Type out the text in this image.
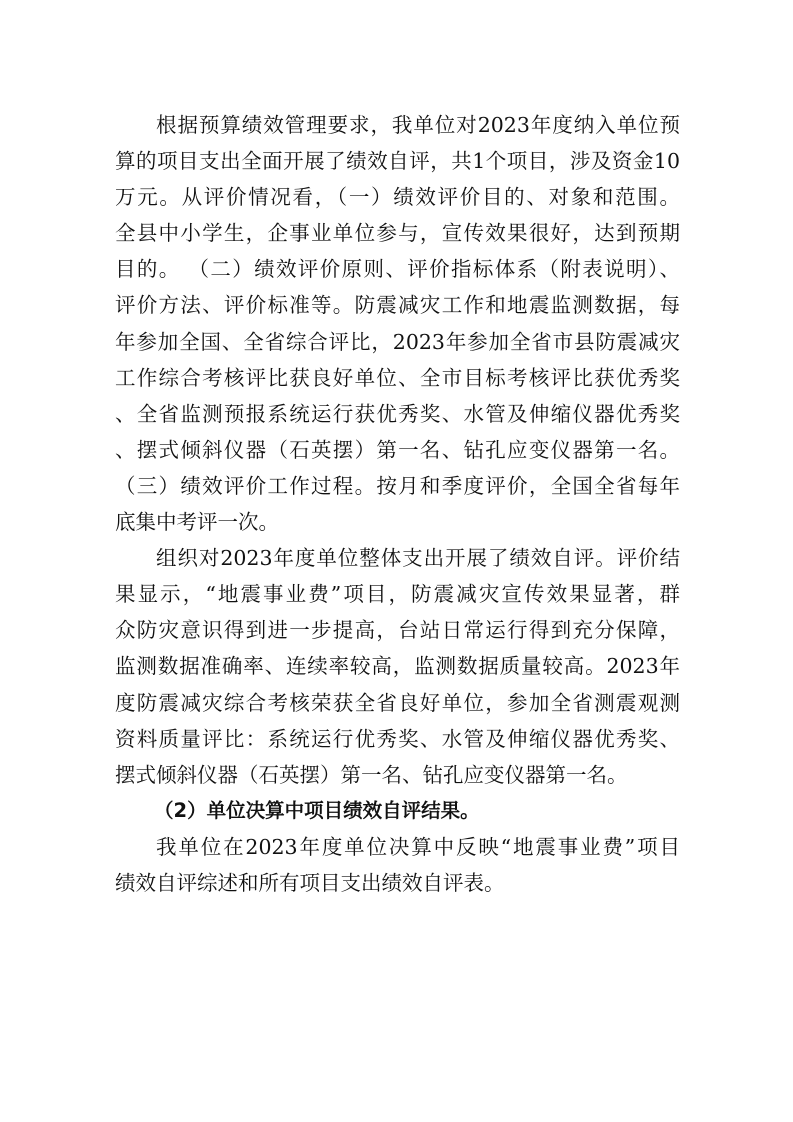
根据预算绩效管理要求，我单位对2023年度纳入单位预
算的项目支出全面开展了绩效自评，共1个项目，涉及资金10
万元。从评价情况看，（一）绩效评价目的、对象和范围。
全县中小学生，企事业单位参与，宣传效果很好，达到预期
目的。 （二）绩效评价原则、评价指标体系（附表说明）、
评价方法、评价标准等。防震减灾工作和地震监测数据，每
年参加全国、全省综合评比，2023年参加全省市县防震减灾
工作综合考核评比获良好单位、全市目标考核评比获优秀奖
、全省监测预报系统运行获优秀奖、水管及伸缩仪器优秀奖
、摆式倾斜仪器（石英摆）第一名、钻孔应变仪器第一名。
（三）绩效评价工作过程。按月和季度评价，全国全省每年
底集中考评一次。
组织对2023年度单位整体支出开展了绩效自评。评价结
果显示，“地震事业费”项目，防震减灾宣传效果显著，群
众防灾意识得到进一步提高，台站日常运行得到充分保障，
监测数据准确率、连续率较高，监测数据质量较高。2023年
度防震减灾综合考核荣获全省良好单位，参加全省测震观测
资料质量评比：系统运行优秀奖、水管及伸缩仪器优秀奖、
摆式倾斜仪器（石英摆）第一名、钻孔应变仪器第一名。

（2）单位决算中项目绩效自评结果。

我单位在2023年度单位决算中反映“地震事业费”项目
绩效自评综述和所有项目支出绩效自评表。
